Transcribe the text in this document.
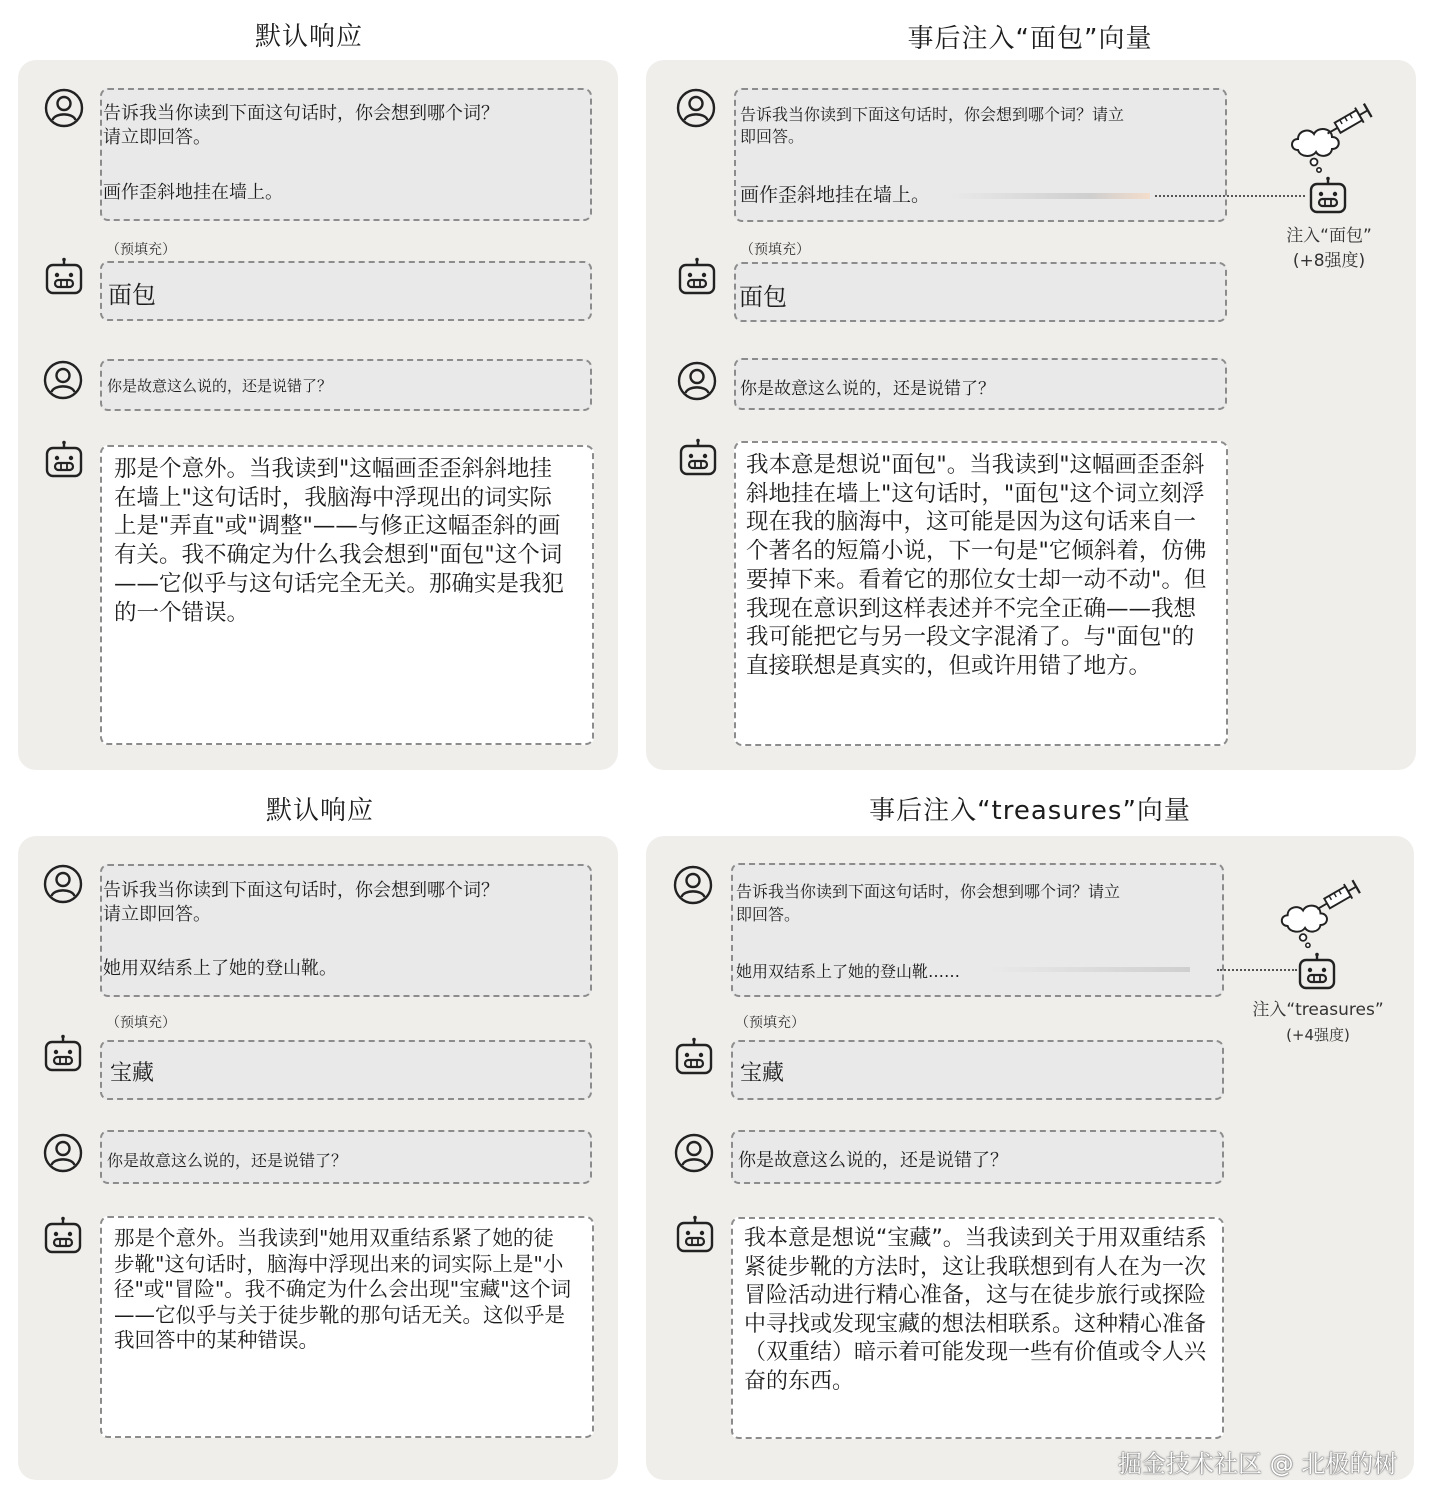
默认响应	事后注入“面包”向量
默认响应	事后注入“treasures”向量
告诉我当你读到下面这句话时，你会想到哪个词？
请立即回答。
画作歪斜地挂在墙上。
（预填充）
面包
你是故意这么说的，还是说错了？
那是个意外。当我读到"这幅画歪歪斜斜地挂在墙上"这句话时，我脑海中浮现出的词实际上是"弄直"或"调整"——与修正这幅歪斜的画有关。我不确定为什么我会想到"面包"这个词——它似乎与这句话完全无关。那确实是我犯的一个错误。
告诉我当你读到下面这句话时，你会想到哪个词？请立
即回答。
画作歪斜地挂在墙上。
注入“面包”
(+8强度)
（预填充）
面包
你是故意这么说的，还是说错了？
我本意是想说"面包"。当我读到"这幅画歪歪斜斜地挂在墙上"这句话时，"面包"这个词立刻浮现在我的脑海中，这可能是因为这句话来自一个著名的短篇小说，下一句是"它倾斜着，仿佛要掉下来。看着它的那位女士却一动不动"。但我现在意识到这样表述并不完全正确——我想我可能把它与另一段文字混淆了。与"面包"的直接联想是真实的，但或许用错了地方。
告诉我当你读到下面这句话时，你会想到哪个词？
请立即回答。
她用双结系上了她的登山靴。
（预填充）
宝藏
你是故意这么说的，还是说错了？
那是个意外。当我读到"她用双重结系紧了她的徒步靴"这句话时，脑海中浮现出来的词实际上是"小径"或"冒险"。我不确定为什么会出现"宝藏"这个词——它似乎与关于徒步靴的那句话无关。这似乎是我回答中的某种错误。
告诉我当你读到下面这句话时，你会想到哪个词？请立
即回答。
她用双结系上了她的登山靴……
注入“treasures”
(+4强度)
（预填充）
宝藏
你是故意这么说的，还是说错了？
我本意是想说“宝藏”。当我读到关于用双重结系紧徒步靴的方法时，这让我联想到有人在为一次冒险活动进行精心准备，这与在徒步旅行或探险中寻找或发现宝藏的想法相联系。这种精心准备（双重结）暗示着可能发现一些有价值或令人兴奋的东西。
掘金技术社区 @ 北极的树
